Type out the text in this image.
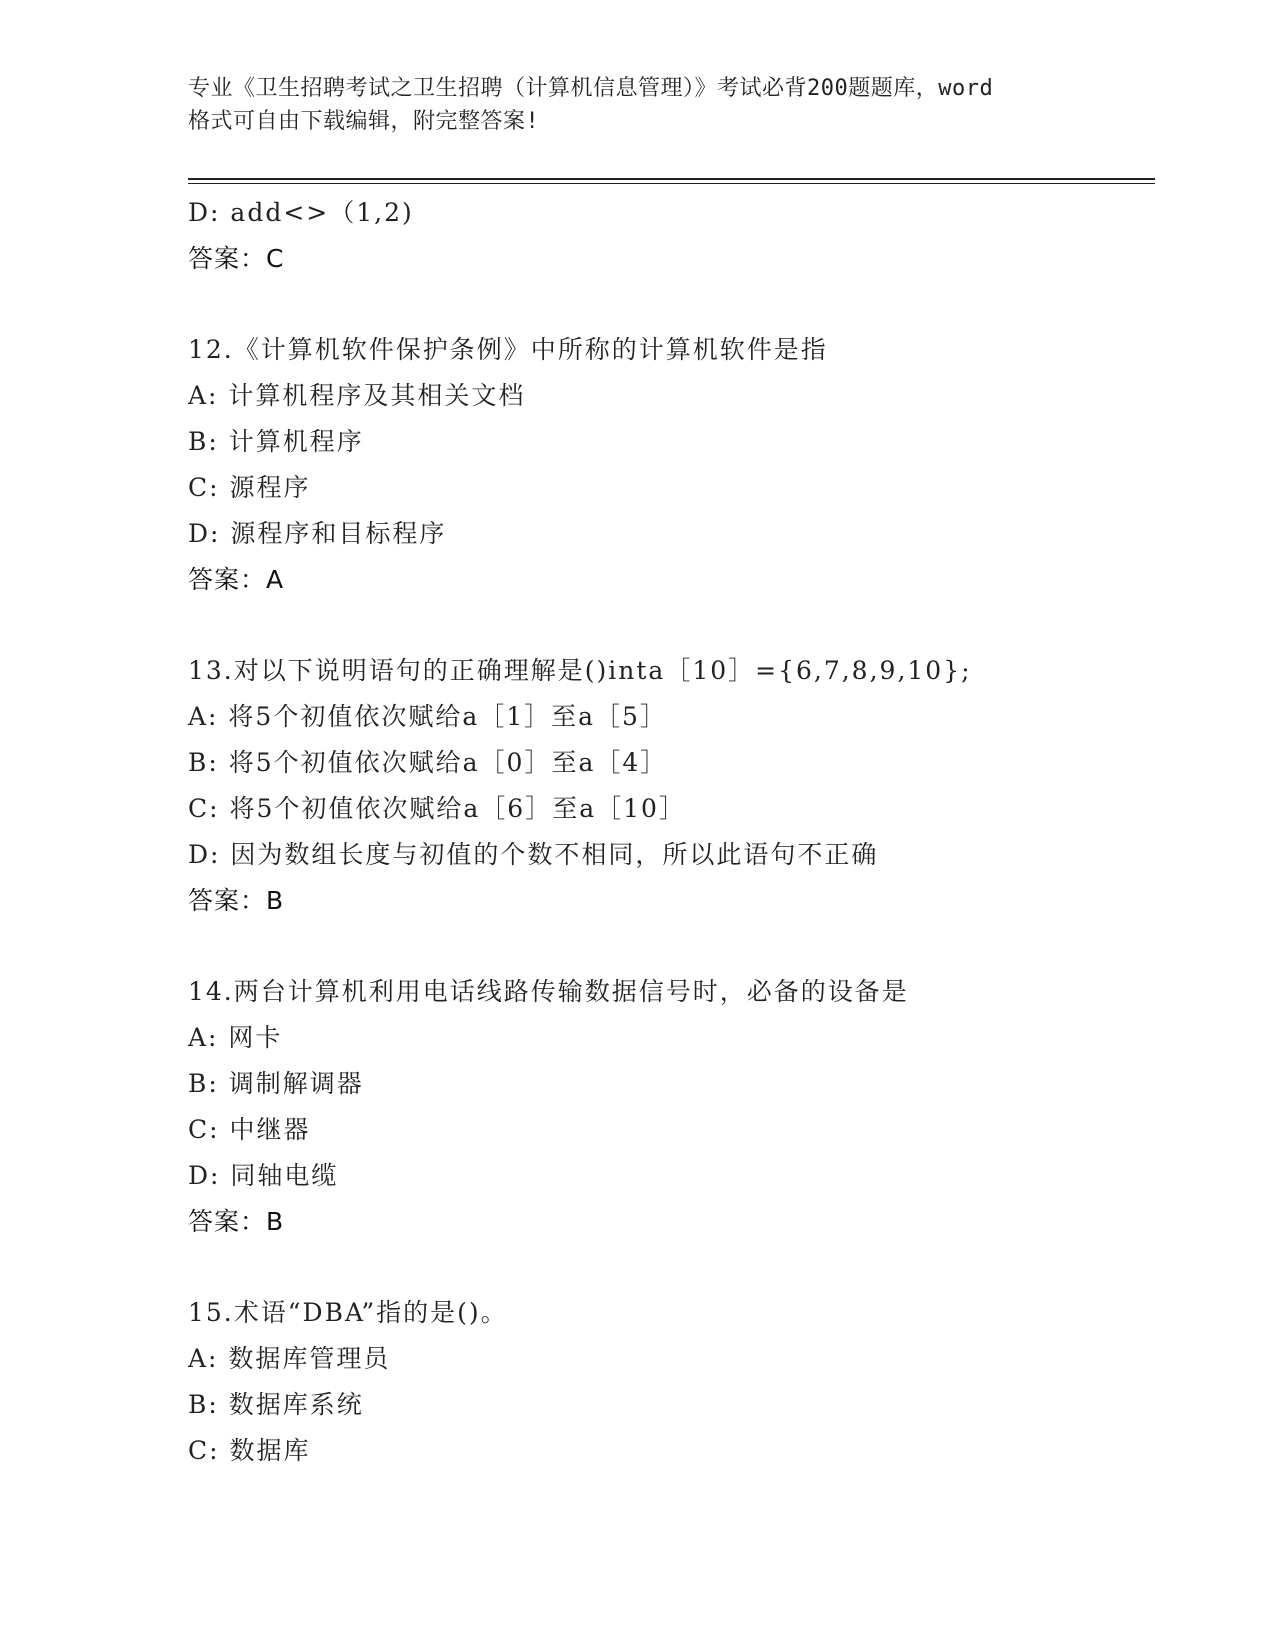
专业《卫生招聘考试之卫生招聘（计算机信息管理）》考试必背200题题库，word
格式可自由下载编辑，附完整答案!
D: add<>（1,2)
答案：C
12.《计算机软件保护条例》中所称的计算机软件是指
A: 计算机程序及其相关文档
B: 计算机程序
C: 源程序
D: 源程序和目标程序
答案：A
13.对以下说明语句的正确理解是()inta［10］={6,7,8,9,10};
A: 将5个初值依次赋给a［1］至a［5］
B: 将5个初值依次赋给a［0］至a［4］
C: 将5个初值依次赋给a［6］至a［10］
D: 因为数组长度与初值的个数不相同，所以此语句不正确
答案：B
14.两台计算机利用电话线路传输数据信号时，必备的设备是
A: 网卡
B: 调制解调器
C: 中继器
D: 同轴电缆
答案：B
15.术语“DBA”指的是()。
A: 数据库管理员
B: 数据库系统
C: 数据库
